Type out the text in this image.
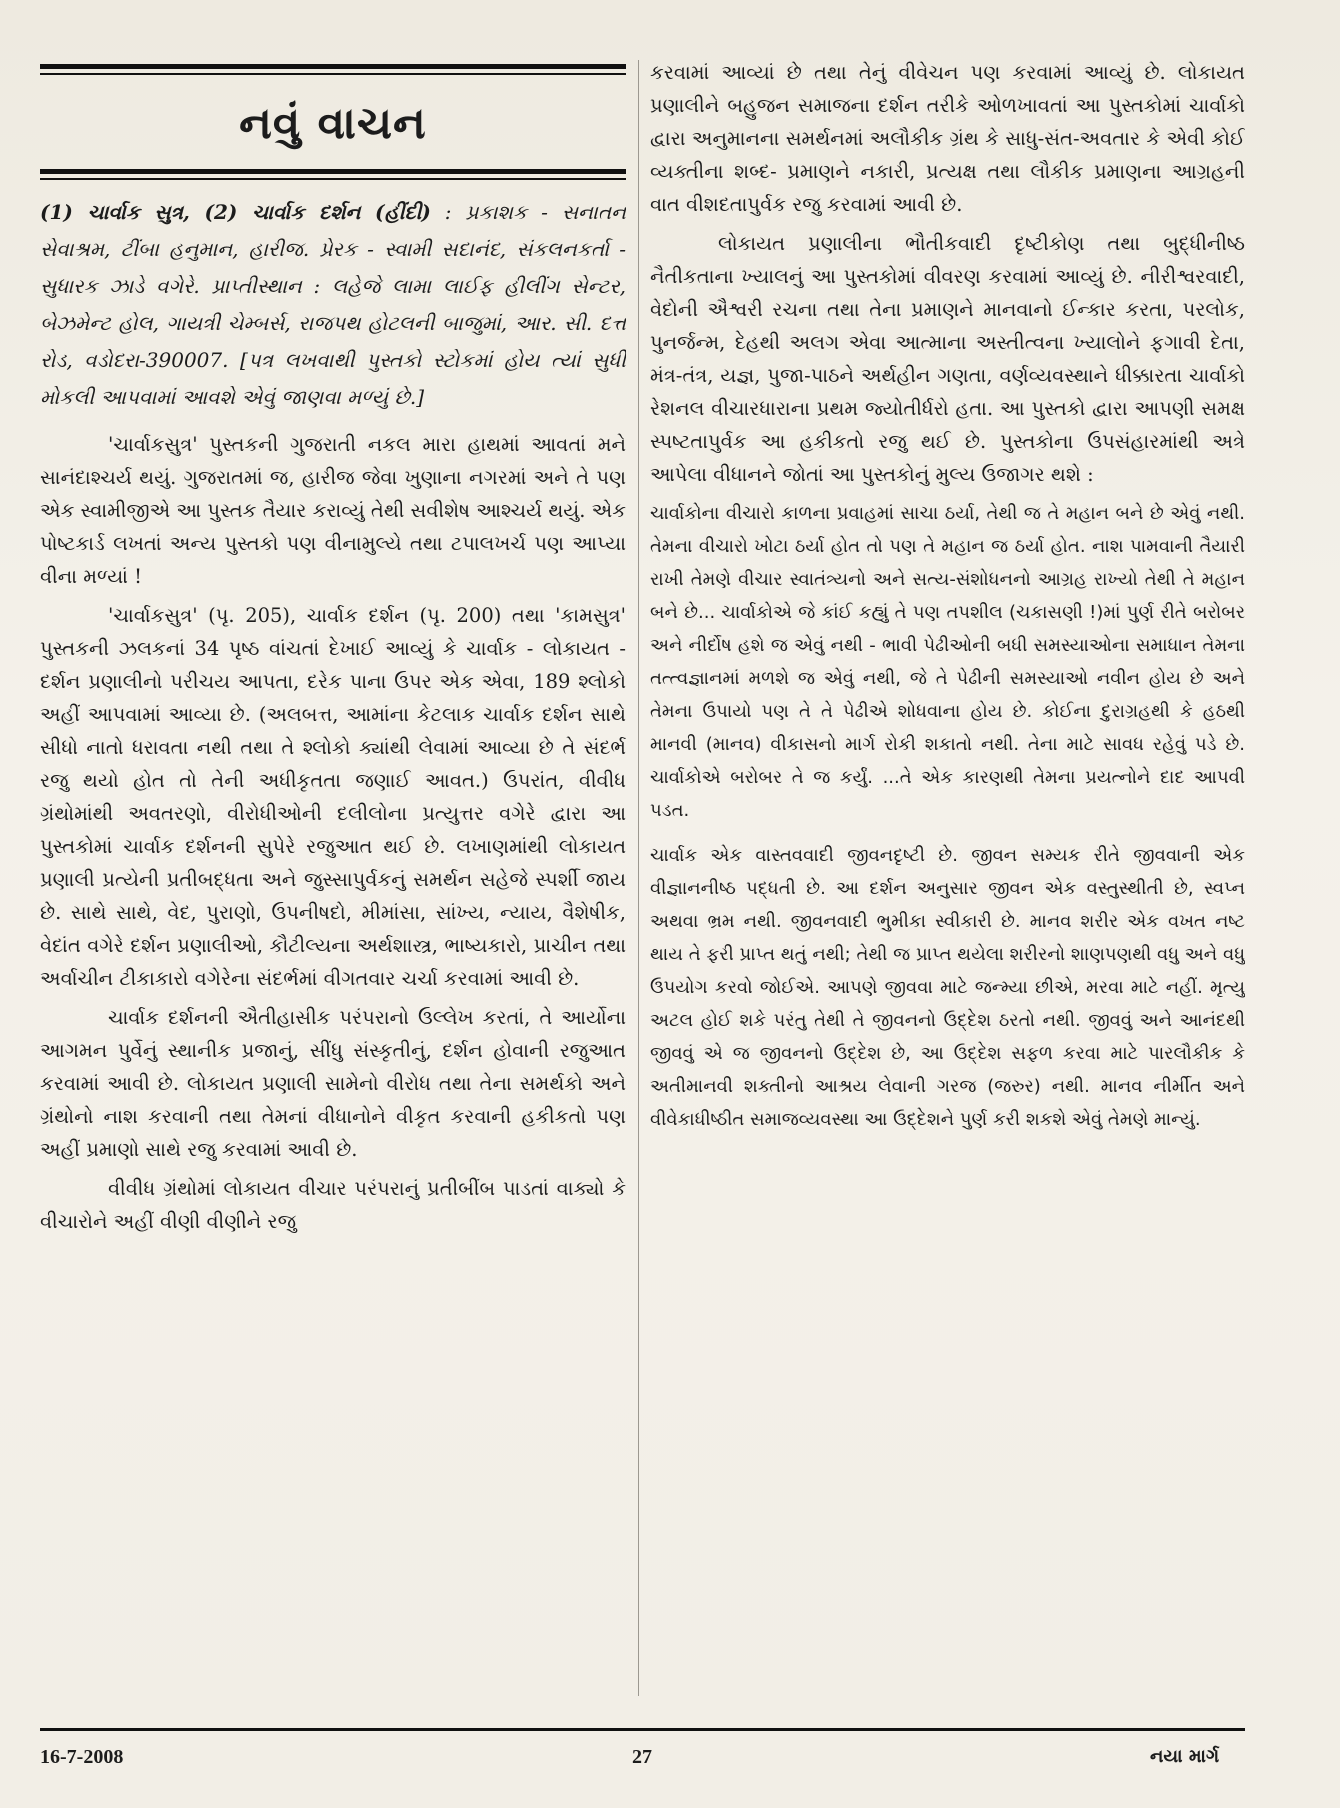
નવું વાચન
(1) ચાર્વાક સુત્ર, (2) ચાર્વાક દર્શન (હીંદી) : પ્રકાશક - સનાતન સેવાશ્રમ, ટીંબા હનુમાન, હારીજ. પ્રેરક - સ્વામી સદાનંદ, સંકલનકર્તા - સુધારક ઝાડે વગેરે. પ્રાપ્તીસ્થાન : લહેજે લામા લાઈફ હીલીંગ સેન્ટર, બેઝમેન્ટ હોલ, ગાયત્રી ચેમ્બર્સ, રાજપથ હોટલની બાજુમાં, આર. સી. દત્ત રોડ, વડોદરા-390007. [પત્ર લખવાથી પુસ્તકો સ્ટોકમાં હોય ત્યાં સુધી મોકલી આપવામાં આવશે એવું જાણવા મળ્યું છે.]

'ચાર્વાકસુત્ર' પુસ્તકની ગુજરાતી નકલ મારા હાથમાં આવતાં મને સાનંદાશ્ચર્ય થયું. ગુજરાતમાં જ, હારીજ જેવા ખુણાના નગરમાં અને તે પણ એક સ્વામીજીએ આ પુસ્તક તૈયાર કરાવ્યું તેથી સવીશેષ આશ્ચર્ય થયું. એક પોષ્ટકાર્ડ લખતાં અન્ય પુસ્તકો પણ વીનામુલ્યે તથા ટપાલખર્ચ પણ આપ્યા વીના મળ્યાં !

'ચાર્વાકસુત્ર' (પૃ. 205), ચાર્વાક દર્શન (પૃ. 200) તથા 'કામસુત્ર' પુસ્તકની ઝલકનાં 34 પૃષ્ઠ વાંચતાં દેખાઈ આવ્યું કે ચાર્વાક - લોકાયત - દર્શન પ્રણાલીનો પરીચય આપતા, દરેક પાના ઉપર એક એવા, 189 શ્લોકો અહીં આપવામાં આવ્યા છે. (અલબત્ત, આમાંના કેટલાક ચાર્વાક દર્શન સાથે સીધો નાતો ધરાવતા નથી તથા તે શ્લોકો ક્યાંથી લેવામાં આવ્યા છે તે સંદર્ભ રજુ થયો હોત તો તેની અધીકૃતતા જણાઈ આવત.) ઉપરાંત, વીવીધ ગ્રંથોમાંથી અવતરણો, વીરોધીઓની દલીલોના પ્રત્યુત્તર વગેરે દ્વારા આ પુસ્તકોમાં ચાર્વાક દર્શનની સુપેરે રજુઆત થઈ છે. લખાણમાંથી લોકાયત પ્રણાલી પ્રત્યેની પ્રતીબદ્ધતા અને જુસ્સાપુર્વકનું સમર્થન સહેજે સ્પર્શી જાય છે. સાથે સાથે, વેદ, પુરાણો, ઉપનીષદો, મીમાંસા, સાંખ્ય, ન્યાય, વૈશેષીક, વેદાંત વગેરે દર્શન પ્રણાલીઓ, કૌટીલ્યના અર્થશાસ્ત્ર, ભાષ્યકારો, પ્રાચીન તથા અર્વાચીન ટીકાકારો વગેરેના સંદર્ભમાં વીગતવાર ચર્ચા કરવામાં આવી છે.

ચાર્વાક દર્શનની ઐતીહાસીક પરંપરાનો ઉલ્લેખ કરતાં, તે આર્યોના આગમન પુર્વેનું સ્થાનીક પ્રજાનું, સીંધુ સંસ્કૃતીનું, દર્શન હોવાની રજુઆત કરવામાં આવી છે. લોકાયત પ્રણાલી સામેનો વીરોધ તથા તેના સમર્થકો અને ગ્રંથોનો નાશ કરવાની તથા તેમનાં વીધાનોને વીકૃત કરવાની હકીકતો પણ અહીં પ્રમાણો સાથે રજુ કરવામાં આવી છે.

વીવીધ ગ્રંથોમાં લોકાયત વીચાર પરંપરાનું પ્રતીબીંબ પાડતાં વાક્યો કે વીચારોને અહીં વીણી વીણીને રજુ

કરવામાં આવ્યાં છે તથા તેનું વીવેચન પણ કરવામાં આવ્યું છે. લોકાયત પ્રણાલીને બહુજન સમાજના દર્શન તરીકે ઓળખાવતાં આ પુસ્તકોમાં ચાર્વાકો દ્વારા અનુમાનના સમર્થનમાં અલૌકીક ગ્રંથ કે સાધુ-સંત-અવતાર કે એવી કોઈ વ્યક્તીના શબ્દ- પ્રમાણને નકારી, પ્રત્યક્ષ તથા લૌકીક પ્રમાણના આગ્રહની વાત વીશદતાપુર્વક રજુ કરવામાં આવી છે.

લોકાયત પ્રણાલીના ભૌતીકવાદી દૃષ્ટીકોણ તથા બુદ્ધીનીષ્ઠ નૈતીકતાના ખ્યાલનું આ પુસ્તકોમાં વીવરણ કરવામાં આવ્યું છે. નીરીશ્વરવાદી, વેદોની ઐશ્વરી રચના તથા તેના પ્રમાણને માનવાનો ઈન્કાર કરતા, પરલોક, પુનર્જન્મ, દેહથી અલગ એવા આત્માના અસ્તીત્વના ખ્યાલોને ફગાવી દેતા, મંત્ર-તંત્ર, યજ્ઞ, પુજા-પાઠને અર્થહીન ગણતા, વર્ણવ્યવસ્થાને ધીક્કારતા ચાર્વાકો રેશનલ વીચારધારાના પ્રથમ જ્યોતીર્ધરો હતા. આ પુસ્તકો દ્વારા આપણી સમક્ષ સ્પષ્ટતાપુર્વક આ હકીકતો રજુ થઈ છે. પુસ્તકોના ઉપસંહારમાંથી અત્રે આપેલા વીધાનને જોતાં આ પુસ્તકોનું મુલ્ય ઉજાગર થશે :

ચાર્વાકોના વીચારો કાળના પ્રવાહમાં સાચા ઠર્યા, તેથી જ તે મહાન બને છે એવું નથી. તેમના વીચારો ખોટા ઠર્યા હોત તો પણ તે મહાન જ ઠર્યા હોત. નાશ પામવાની તૈયારી રાખી તેમણે વીચાર સ્વાતંત્ર્યનો અને સત્ય-સંશોધનનો આગ્રહ રાખ્યો તેથી તે મહાન બને છે... ચાર્વાકોએ જે કાંઈ કહ્યું તે પણ તપશીલ (ચકાસણી !)માં પુર્ણ રીતે બરોબર અને નીર્દોષ હશે જ એવું નથી - ભાવી પેઢીઓની બધી સમસ્યાઓના સમાધાન તેમના તત્ત્વજ્ઞાનમાં મળશે જ એવું નથી, જે તે પેઢીની સમસ્યાઓ નવીન હોય છે અને તેમના ઉપાયો પણ તે તે પેઢીએ શોધવાના હોય છે. કોઈના દુરાગ્રહથી કે હઠથી માનવી (માનવ) વીકાસનો માર્ગ રોકી શકાતો નથી. તેના માટે સાવધ રહેવું પડે છે. ચાર્વાકોએ બરોબર તે જ કર્યું. ...તે એક કારણથી તેમના પ્રયત્નોને દાદ આપવી પડત.
ચાર્વાક એક વાસ્તવવાદી જીવનદૃષ્ટી છે. જીવન સમ્યક રીતે જીવવાની એક વીજ્ઞાનનીષ્ઠ પદ્ધતી છે. આ દર્શન અનુસાર જીવન એક વસ્તુસ્થીતી છે, સ્વપ્ન અથવા ભ્રમ નથી. જીવનવાદી ભુમીકા સ્વીકારી છે. માનવ શરીર એક વખત નષ્ટ થાય તે ફરી પ્રાપ્ત થતું નથી; તેથી જ પ્રાપ્ત થયેલા શરીરનો શાણપણથી વધુ અને વધુ ઉપયોગ કરવો જોઈએ. આપણે જીવવા માટે જન્મ્યા છીએ, મરવા માટે નહીં. મૃત્યુ અટલ હોઈ શકે પરંતુ તેથી તે જીવનનો ઉદ્દેશ ઠરતો નથી. જીવવું અને આનંદથી જીવવું એ જ જીવનનો ઉદ્દેશ છે, આ ઉદ્દેશ સફળ કરવા માટે પારલૌકીક કે અતીમાનવી શક્તીનો આશ્રય લેવાની ગરજ (જરુર) નથી. માનવ નીર્મીત અને વીવેકાધીષ્ઠીત સમાજવ્યવસ્થા આ ઉદ્દેશને પુર્ણ કરી શકશે એવું તેમણે માન્યું.
16-7-2008	27	નયા માર્ગ
